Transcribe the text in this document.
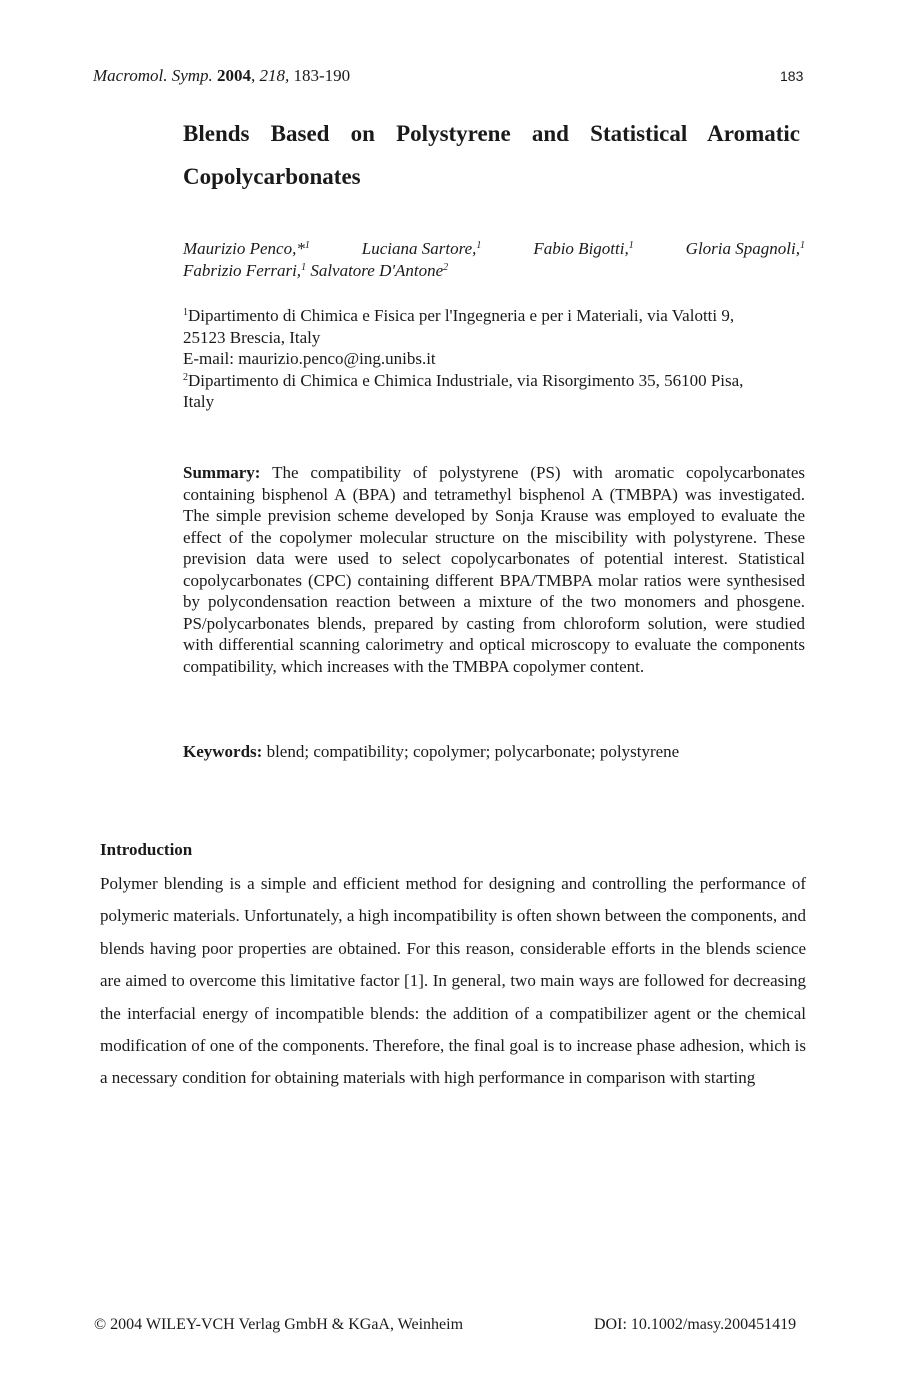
Macromol. Symp. 2004, 218, 183-190	183
Blends Based on Polystyrene and Statistical Aromatic
Copolycarbonates
Maurizio Penco,*$^1$	Luciana Sartore,$^1$	Fabio Bigotti,$^1$	Gloria Spagnoli,$^1$
Fabrizio Ferrari,$^1$ Salvatore D'Antone$^2$
$^1$Dipartimento di Chimica e Fisica per l'Ingegneria e per i Materiali, via Valotti 9,
25123 Brescia, Italy
E-mail: maurizio.penco@ing.unibs.it
$^2$Dipartimento di Chimica e Chimica Industriale, via Risorgimento 35, 56100 Pisa,
Italy
Summary: The compatibility of polystyrene (PS) with aromatic copolycarbonates containing bisphenol A (BPA) and tetramethyl bisphenol A (TMBPA) was investigated. The simple prevision scheme developed by Sonja Krause was employed to evaluate the effect of the copolymer molecular structure on the miscibility with polystyrene. These prevision data were used to select copolycarbonates of potential interest. Statistical copolycarbonates (CPC) containing different BPA/TMBPA molar ratios were synthesised by polycondensation reaction between a mixture of the two monomers and phosgene. PS/polycarbonates blends, prepared by casting from chloroform solution, were studied with differential scanning calorimetry and optical microscopy to evaluate the components compatibility, which increases with the TMBPA copolymer content.
Keywords: blend; compatibility; copolymer; polycarbonate; polystyrene
Introduction
Polymer blending is a simple and efficient method for designing and controlling the performance of polymeric materials. Unfortunately, a high incompatibility is often shown between the components, and blends having poor properties are obtained. For this reason, considerable efforts in the blends science are aimed to overcome this limitative factor [1]. In general, two main ways are followed for decreasing the interfacial energy of incompatible blends: the addition of a compatibilizer agent or the chemical modification of one of the components. Therefore, the final goal is to increase phase adhesion, which is a necessary condition for obtaining materials with high performance in comparison with starting
© 2004 WILEY-VCH Verlag GmbH & KGaA, Weinheim	DOI: 10.1002/masy.200451419
